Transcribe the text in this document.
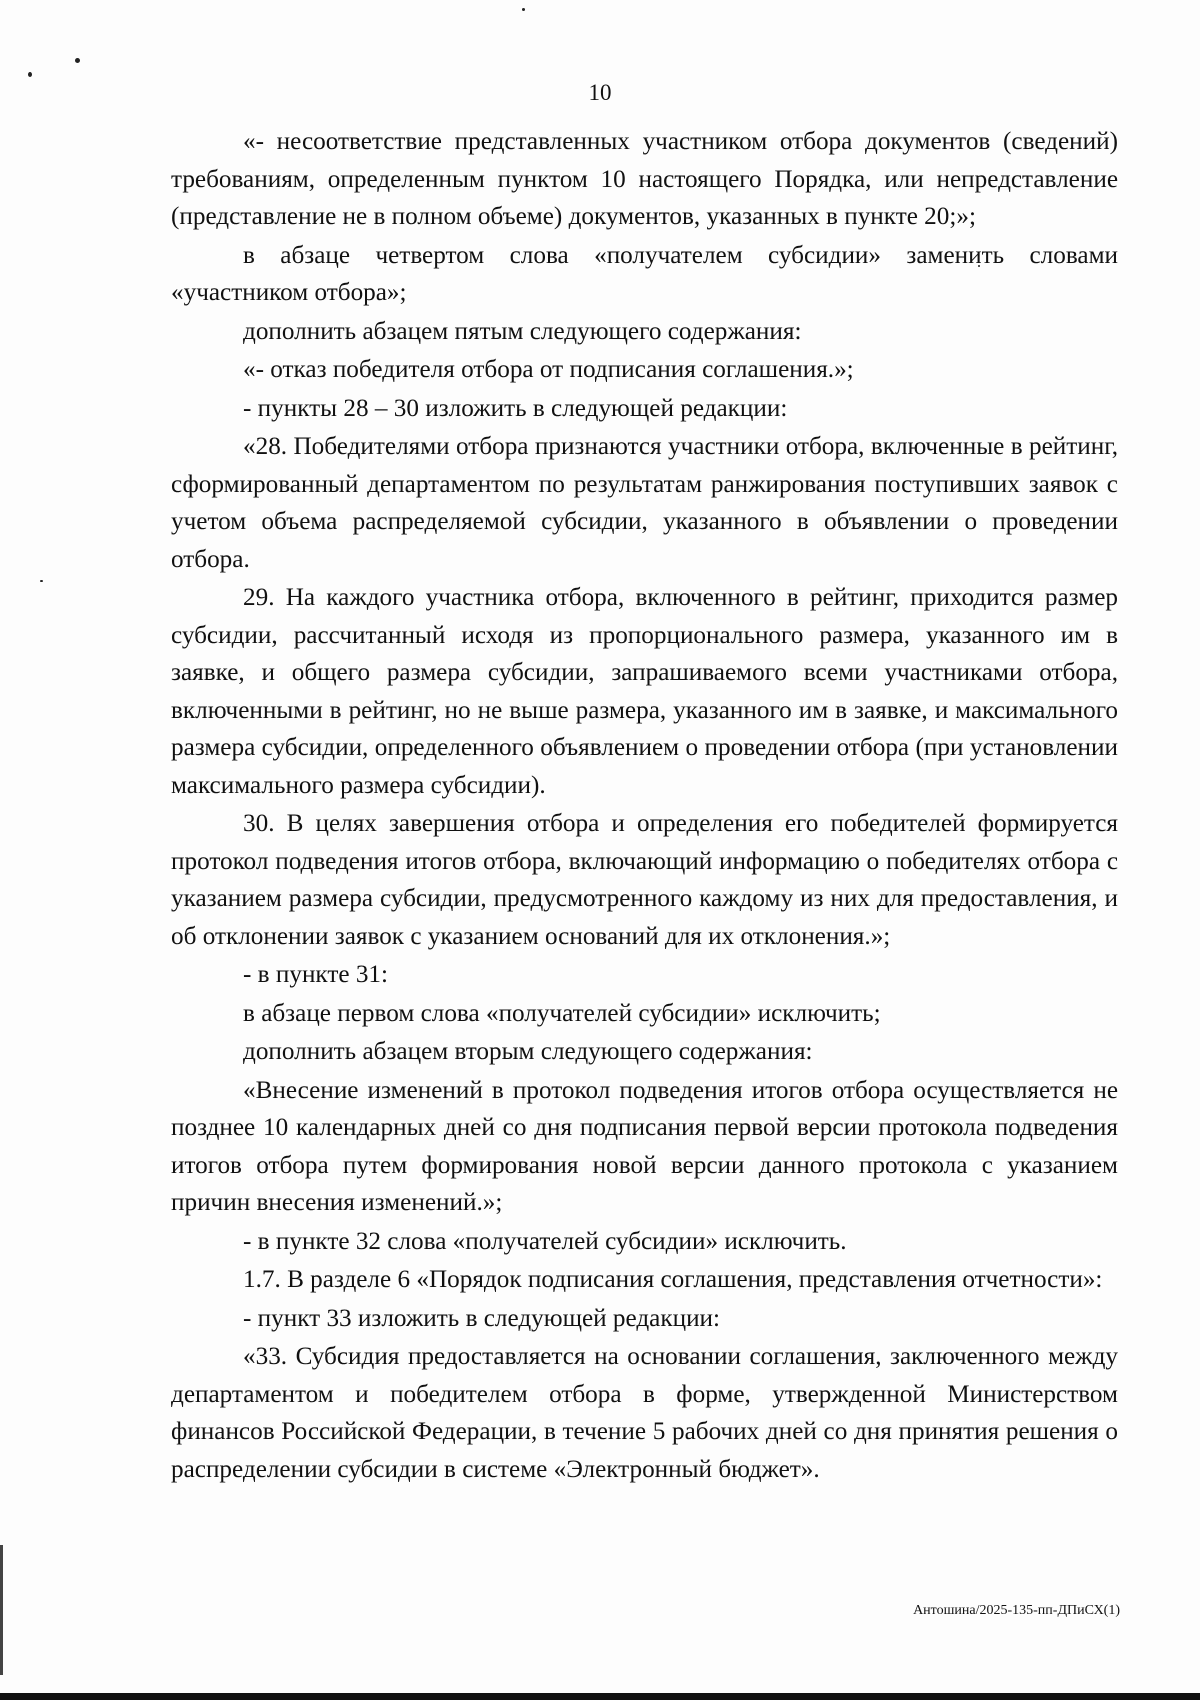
10

«- несоответствие представленных участником отбора документов (сведений) требованиям, определенным пунктом 10 настоящего Порядка, или непредставление (представление не в полном объеме) документов, указанных в пункте 20;»;

в абзаце четвертом слова «получателем субсидии» заменить словами «участником отбора»;

дополнить абзацем пятым следующего содержания:

«- отказ победителя отбора от подписания соглашения.»;

- пункты 28 – 30 изложить в следующей редакции:

«28. Победителями отбора признаются участники отбора, включенные в рейтинг, сформированный департаментом по результатам ранжирования поступивших заявок с учетом объема распределяемой субсидии, указанного в объявлении о проведении отбора.

29. На каждого участника отбора, включенного в рейтинг, приходится размер субсидии, рассчитанный исходя из пропорционального размера, указанного им в заявке, и общего размера субсидии, запрашиваемого всеми участниками отбора, включенными в рейтинг, но не выше размера, указанного им в заявке, и максимального размера субсидии, определенного объявлением о проведении отбора (при установлении максимального размера субсидии).

30. В целях завершения отбора и определения его победителей формируется протокол подведения итогов отбора, включающий информацию о победителях отбора с указанием размера субсидии, предусмотренного каждому из них для предоставления, и об отклонении заявок с указанием оснований для их отклонения.»;

- в пункте 31:

в абзаце первом слова «получателей субсидии» исключить;

дополнить абзацем вторым следующего содержания:

«Внесение изменений в протокол подведения итогов отбора осуществляется не позднее 10 календарных дней со дня подписания первой версии протокола подведения итогов отбора путем формирования новой версии данного протокола с указанием причин внесения изменений.»;

- в пункте 32 слова «получателей субсидии» исключить.

1.7. В разделе 6 «Порядок подписания соглашения, представления отчетности»:

- пункт 33 изложить в следующей редакции:

«33. Субсидия предоставляется на основании соглашения, заключенного между департаментом и победителем отбора в форме, утвержденной Министерством финансов Российской Федерации, в течение 5 рабочих дней со дня принятия решения о распределении субсидии в системе «Электронный бюджет».

Антошина/2025-135-пп-ДПиСХ(1)
